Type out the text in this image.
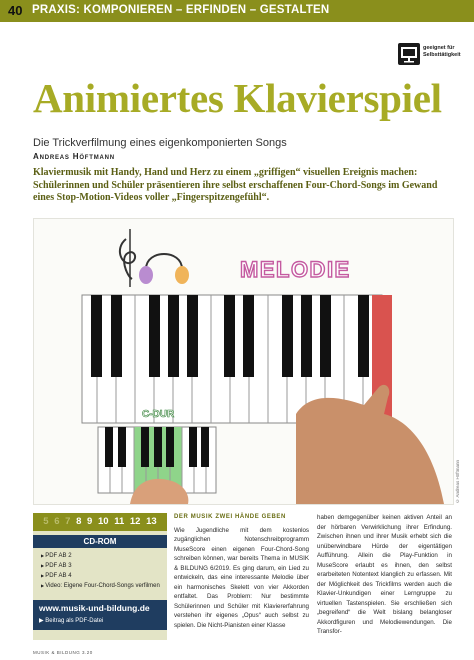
40 PRAXIS: KOMPONIEREN – ERFINDEN – GESTALTEN
geeignet für
Selbsttätigkeit
Animiertes Klavierspiel
Die Trickverfilmung eines eigenkomponierten Songs
Andreas Höftmann
Klaviermusik mit Handy, Hand und Herz zu einem „griffigen“ visuellen Ereignis machen: Schülerinnen und Schüler präsentieren ihre selbst erschaffenen Four-Chord-Songs im Gewand eines Stop-Motion-Videos voller „Fingerspitzengefühl“.
MELODIE
C-DUR
© Andreas Höftmann
5 6 7 8 9 10 11 12 13
CD-ROM
▶ PDF AB 2
▶ PDF AB 3
▶ PDF AB 4
▶ Video: Eigene Four-Chord-Songs verfilmen
www.musik-und-bildung.de
▶ Beitrag als PDF-Datei
DER MUSIK ZWEI HÄNDE GEBEN
Wie Jugendliche mit dem kostenlos zugänglichen Notenschreibprogramm MuseScore einen eigenen Four-Chord-Song schreiben können, war bereits Thema in MUSIK & BILDUNG 6/2019. Es ging darum, ein Lied zu entwickeln, das eine interessante Melodie über ein harmonisches Skelett von vier Akkorden entfaltet. Das Problem: Nur bestimmte Schülerinnen und Schüler mit Klaviererfahrung verstehen ihr eigenes „Opus“ auch selbst zu spielen. Die Nicht-Pianisten einer Klasse
haben demgegenüber keinen aktiven Anteil an der hörbaren Verwirklichung ihrer Erfindung. Zwischen ihnen und ihrer Musik erhebt sich die unüberwindbare Hürde der eigentätigen Aufführung. Allein die Play-Funktion in MuseScore erlaubt es ihnen, den selbst erarbeiteten Notentext klanglich zu erfassen. Mit der Möglichkeit des Trickfilms werden auch die Klavier-Unkundigen einer Lerngruppe zu virtuellen Tastenspielen. Sie erschließen sich „begreifend“ die Welt bislang belangloser Akkordfiguren und Melodiewendungen. Die Transfor-
MUSIK & BILDUNG 3.20
